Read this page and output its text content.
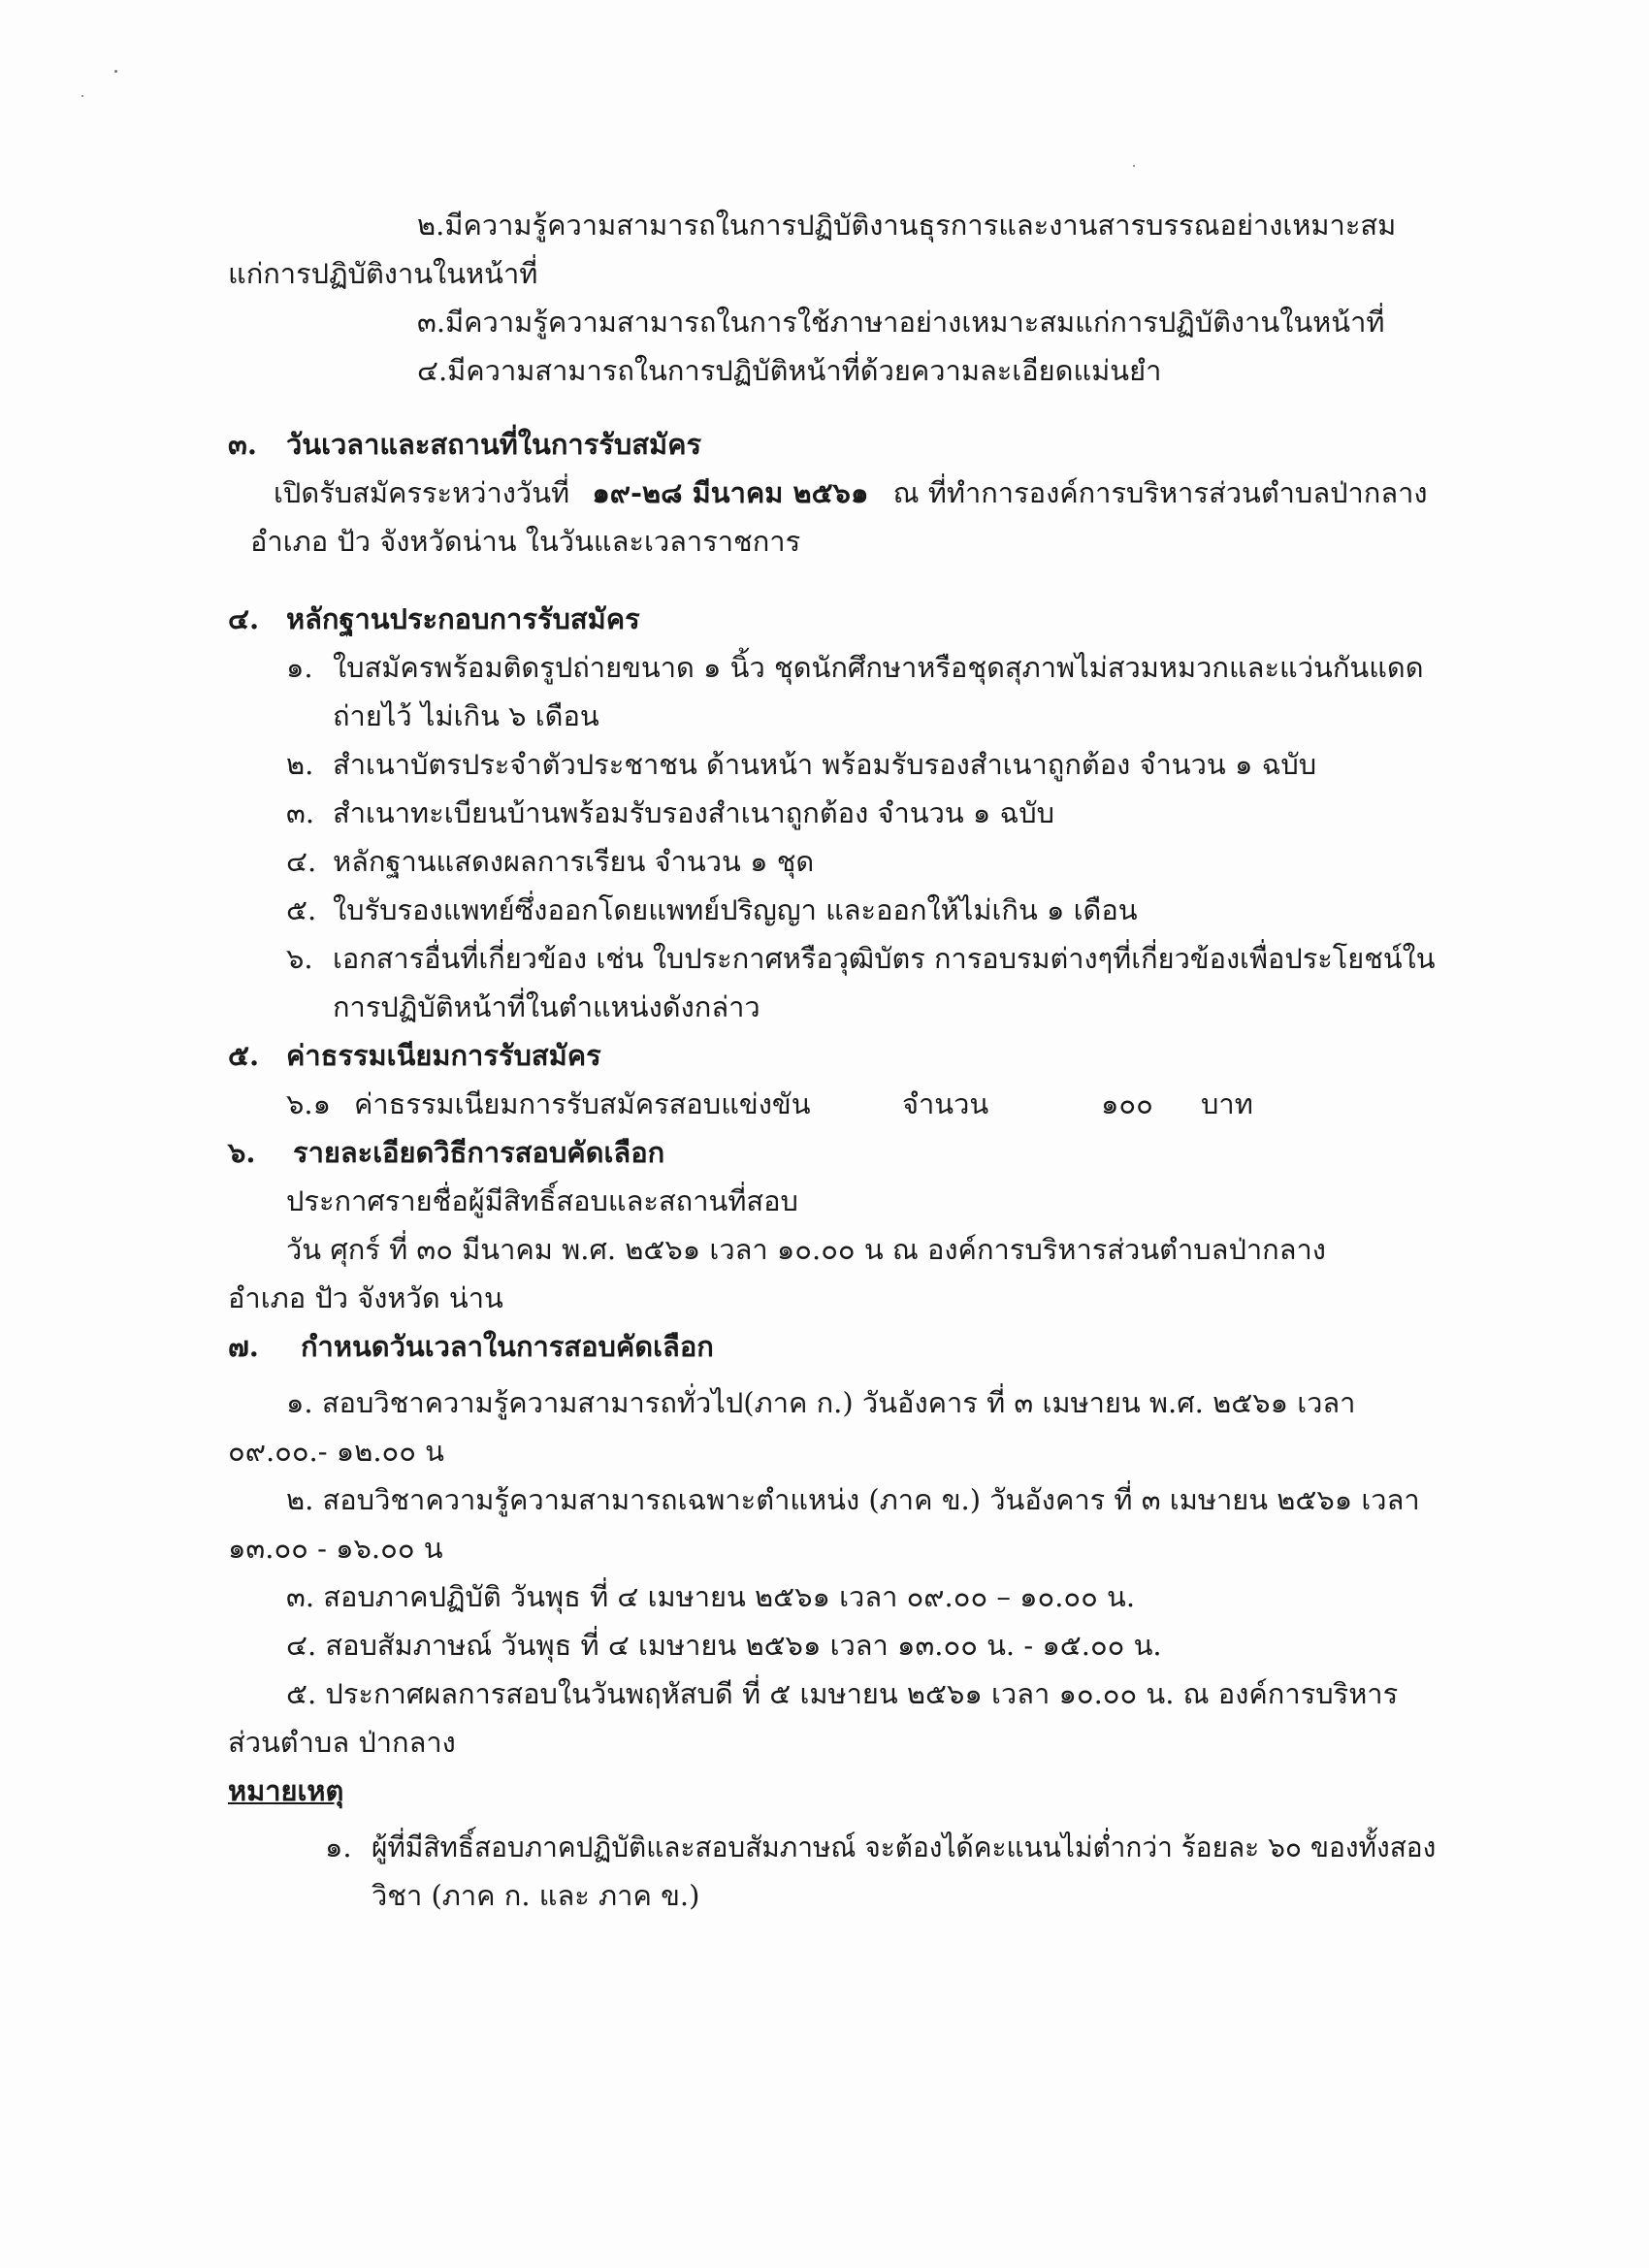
๒.มีความรู้ความสามารถในการปฏิบัติงานธุรการและงานสารบรรณอย่างเหมาะสม
แก่การปฏิบัติงานในหน้าที่
๓.มีความรู้ความสามารถในการใช้ภาษาอย่างเหมาะสมแก่การปฏิบัติงานในหน้าที่
๔.มีความสามารถในการปฏิบัติหน้าที่ด้วยความละเอียดแม่นยำ
๓. วันเวลาและสถานที่ในการรับสมัคร
เปิดรับสมัครระหว่างวันที่ ๑๙-๒๘ มีนาคม ๒๕๖๑ ณ ที่ทำการองค์การบริหารส่วนตำบลป่ากลาง
อำเภอ ปัว จังหวัดน่าน ในวันและเวลาราชการ
๔. หลักฐานประกอบการรับสมัคร
๑. ใบสมัครพร้อมติดรูปถ่ายขนาด ๑ นิ้ว ชุดนักศึกษาหรือชุดสุภาพไม่สวมหมวกและแว่นกันแดด
ถ่ายไว้ ไม่เกิน ๖ เดือน
๒. สำเนาบัตรประจำตัวประชาชน ด้านหน้า พร้อมรับรองสำเนาถูกต้อง จำนวน ๑ ฉบับ
๓. สำเนาทะเบียนบ้านพร้อมรับรองสำเนาถูกต้อง จำนวน ๑ ฉบับ
๔. หลักฐานแสดงผลการเรียน จำนวน ๑ ชุด
๕. ใบรับรองแพทย์ซึ่งออกโดยแพทย์ปริญญา และออกให้ไม่เกิน ๑ เดือน
๖. เอกสารอื่นที่เกี่ยวข้อง เช่น ใบประกาศหรือวุฒิบัตร การอบรมต่างๆที่เกี่ยวข้องเพื่อประโยชน์ใน
การปฏิบัติหน้าที่ในตำแหน่งดังกล่าว
๕. ค่าธรรมเนียมการรับสมัคร
๖.๑ ค่าธรรมเนียมการรับสมัครสอบแข่งขัน	จำนวน	๑๐๐ บาท
๖. รายละเอียดวิธีการสอบคัดเลือก
ประกาศรายชื่อผู้มีสิทธิ์สอบและสถานที่สอบ
วัน ศุกร์ ที่ ๓๐ มีนาคม พ.ศ. ๒๕๖๑ เวลา ๑๐.๐๐ น ณ องค์การบริหารส่วนตำบลป่ากลาง
อำเภอ ปัว จังหวัด น่าน
๗. กำหนดวันเวลาในการสอบคัดเลือก
๑. สอบวิชาความรู้ความสามารถทั่วไป(ภาค ก.) วันอังคาร ที่ ๓ เมษายน พ.ศ. ๒๕๖๑ เวลา
๐๙.๐๐.- ๑๒.๐๐ น
๒. สอบวิชาความรู้ความสามารถเฉพาะตำแหน่ง (ภาค ข.) วันอังคาร ที่ ๓ เมษายน ๒๕๖๑ เวลา
๑๓.๐๐ - ๑๖.๐๐ น
๓. สอบภาคปฏิบัติ วันพุธ ที่ ๔ เมษายน ๒๕๖๑ เวลา ๐๙.๐๐ – ๑๐.๐๐ น.
๔. สอบสัมภาษณ์ วันพุธ ที่ ๔ เมษายน ๒๕๖๑ เวลา ๑๓.๐๐ น. - ๑๕.๐๐ น.
๕. ประกาศผลการสอบในวันพฤหัสบดี ที่ ๕ เมษายน ๒๕๖๑ เวลา ๑๐.๐๐ น. ณ องค์การบริหาร
ส่วนตำบล ป่ากลาง
หมายเหตุ
๑. ผู้ที่มีสิทธิ์สอบภาคปฏิบัติและสอบสัมภาษณ์ จะต้องได้คะแนนไม่ต่ำกว่า ร้อยละ ๖๐ ของทั้งสอง
วิชา (ภาค ก. และ ภาค ข.)
